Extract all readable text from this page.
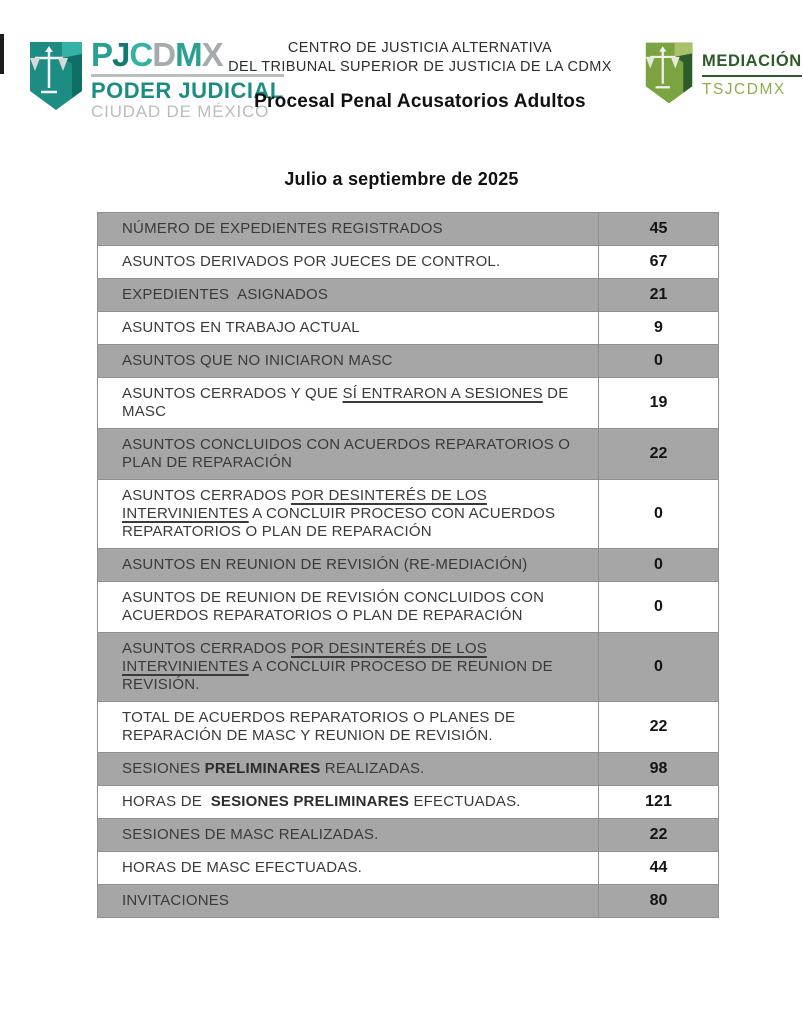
PJCDMX
PODER JUDICIAL
CIUDAD DE MÉXICO
CENTRO DE JUSTICIA ALTERNATIVA
DEL TRIBUNAL SUPERIOR DE JUSTICIA DE LA CDMX
Procesal Penal Acusatorios Adultos
MEDIACIÓN
TSJCDMX
Julio a septiembre de 2025
NÚMERO DE EXPEDIENTES REGISTRADOS	45
ASUNTOS DERIVADOS POR JUECES DE CONTROL.	67
EXPEDIENTES  ASIGNADOS	21
ASUNTOS EN TRABAJO ACTUAL	9
ASUNTOS QUE NO INICIARON MASC	0
ASUNTOS CERRADOS Y QUE SÍ ENTRARON A SESIONES DE MASC	19
ASUNTOS CONCLUIDOS CON ACUERDOS REPARATORIOS O PLAN DE REPARACIÓN	22
ASUNTOS CERRADOS POR DESINTERÉS DE LOS INTERVINIENTES A CONCLUIR PROCESO CON ACUERDOS REPARATORIOS O PLAN DE REPARACIÓN	0
ASUNTOS EN REUNION DE REVISIÓN (RE-MEDIACIÓN)	0
ASUNTOS DE REUNION DE REVISIÓN CONCLUIDOS CON ACUERDOS REPARATORIOS O PLAN DE REPARACIÓN	0
ASUNTOS CERRADOS POR DESINTERÉS DE LOS INTERVINIENTES A CONCLUIR PROCESO DE REUNION DE REVISIÓN.	0
TOTAL DE ACUERDOS REPARATORIOS O PLANES DE REPARACIÓN DE MASC Y REUNION DE REVISIÓN.	22
SESIONES PRELIMINARES REALIZADAS.	98
HORAS DE  SESIONES PRELIMINARES EFECTUADAS.	121
SESIONES DE MASC REALIZADAS.	22
HORAS DE MASC EFECTUADAS.	44
INVITACIONES	80
